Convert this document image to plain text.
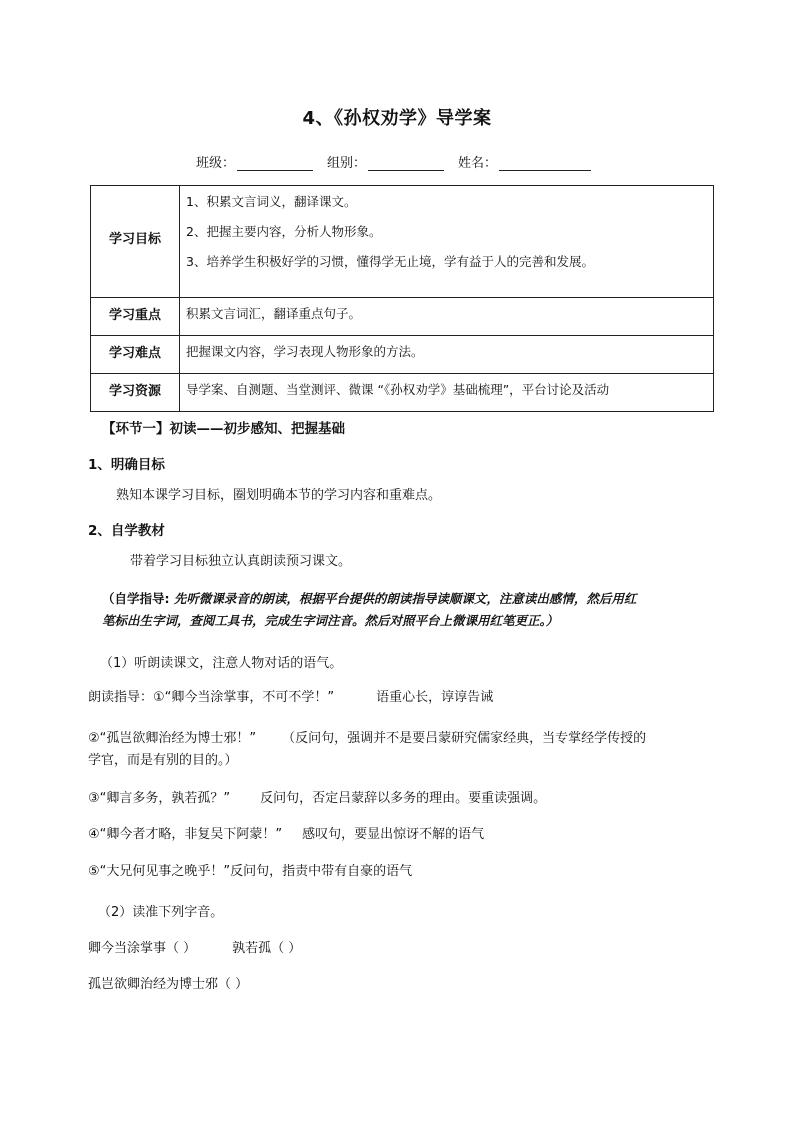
4、《孙权劝学》导学案
班级：	组别：	姓名：
学习目标	1、积累文言词义，翻译课文。

2、把握主要内容，分析人物形象。

3、培养学生积极好学的习惯，懂得学无止境，学有益于人的完善和发展。

学习重点	积累文言词汇，翻译重点句子。

学习难点	把握课文内容，学习表现人物形象的方法。

学习资源	导学案、自测题、当堂测评、微课 “《孙权劝学》基础梳理”，平台讨论及活动

【环节一】初读——初步感知、把握基础
1、明确目标
熟知本课学习目标，圈划明确本节的学习内容和重难点。
2、自学教材
带着学习目标独立认真朗读预习课文。
（自学指导: 先听微课录音的朗读，根据平台提供的朗读指导读顺课文，注意读出感情，然后用红
笔标出生字词，查阅工具书，完成生字词注音。然后对照平台上微课用红笔更正。）
（1）听朗读课文，注意人物对话的语气。
朗读指导：①“卿今当涂掌事，不可不学！”	语重心长，谆谆告诫
②“孤岂欲卿治经为博士邪！” （反问句，强调并不是要吕蒙研究儒家经典，当专掌经学传授的
学官，而是有别的目的。）
③“卿言多务，孰若孤？” 反问句，否定吕蒙辞以多务的理由。要重读强调。
④“卿今者才略，非复吴下阿蒙！” 感叹句，要显出惊讶不解的语气
⑤“大兄何见事之晚乎！”反问句，指责中带有自豪的语气
（2）读准下列字音。
卿今当涂掌事（ ）	孰若孤（ ）
孤岂欲卿治经为博士邪（ ）
